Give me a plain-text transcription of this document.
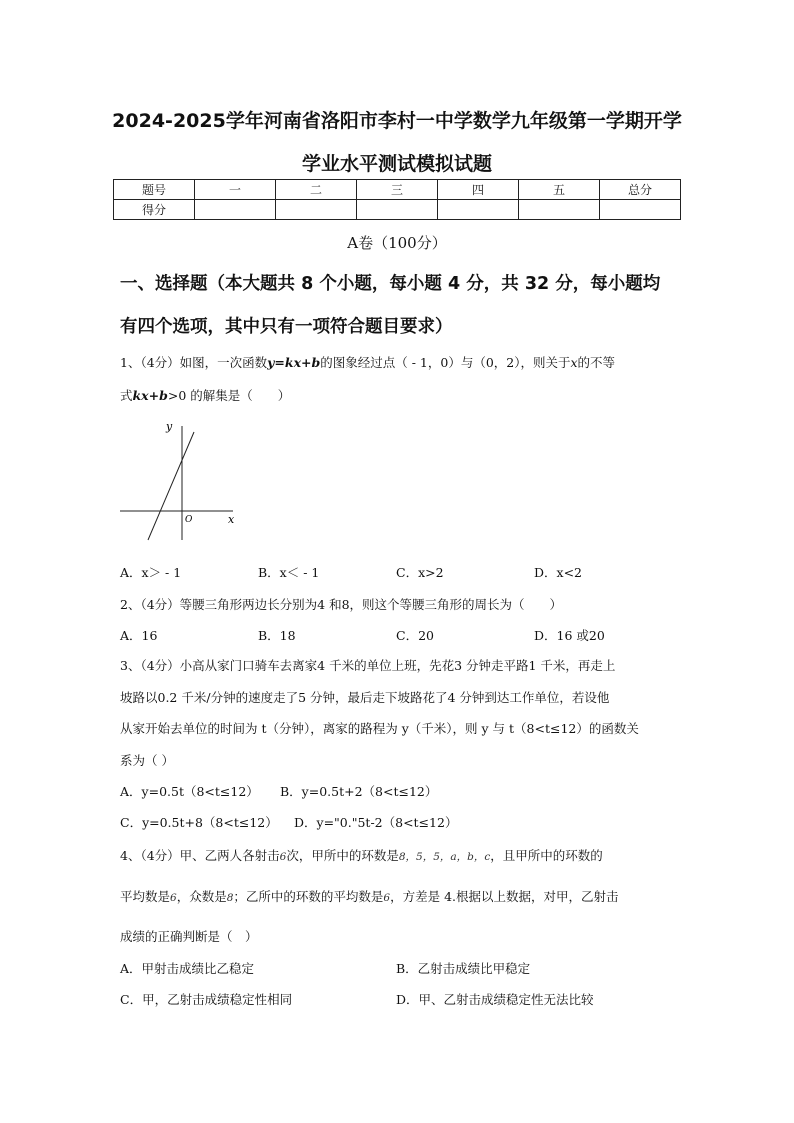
2024-2025学年河南省洛阳市李村一中学数学九年级第一学期开学
学业水平测试模拟试题
题号	一	二	三	四	五	总分
得分						
A卷（100分）
一、选择题（本大题共 8 个小题，每小题 4 分，共 32 分，每小题均
有四个选项，其中只有一项符合题目要求）
1、（4分）如图，一次函数y=kx+b的图象经过点（ - 1，0）与（0，2），则关于x的不等
式kx+b>0 的解集是（　　）
y
x
O
A．x＞ - 1	B．x＜ - 1	C．x>2	D．x<2
2、（4分）等腰三角形两边长分别为4 和8，则这个等腰三角形的周长为（　　）
A．16	B．18	C．20	D．16 或20
3、（4分）小高从家门口骑车去离家4 千米的单位上班，先花3 分钟走平路1 千米，再走上
坡路以0.2 千米/分钟的速度走了5 分钟，最后走下坡路花了4 分钟到达工作单位，若设他
从家开始去单位的时间为 t（分钟），离家的路程为 y（千米），则 y 与 t（8<t≤12）的函数关
系为（ ）
A．y=0.5t（8<t≤12） B．y=0.5t+2（8<t≤12）
C．y=0.5t+8（8<t≤12） D．y="0."5t-2（8<t≤12）
4、（4分）甲、乙两人各射击6次，甲所中的环数是8，5，5，a，b，c，且甲所中的环数的
平均数是6，众数是8；乙所中的环数的平均数是6，方差是 4.根据以上数据，对甲，乙射击
成绩的正确判断是（　）
A．甲射击成绩比乙稳定	B．乙射击成绩比甲稳定
C．甲，乙射击成绩稳定性相同	D．甲、乙射击成绩稳定性无法比较
